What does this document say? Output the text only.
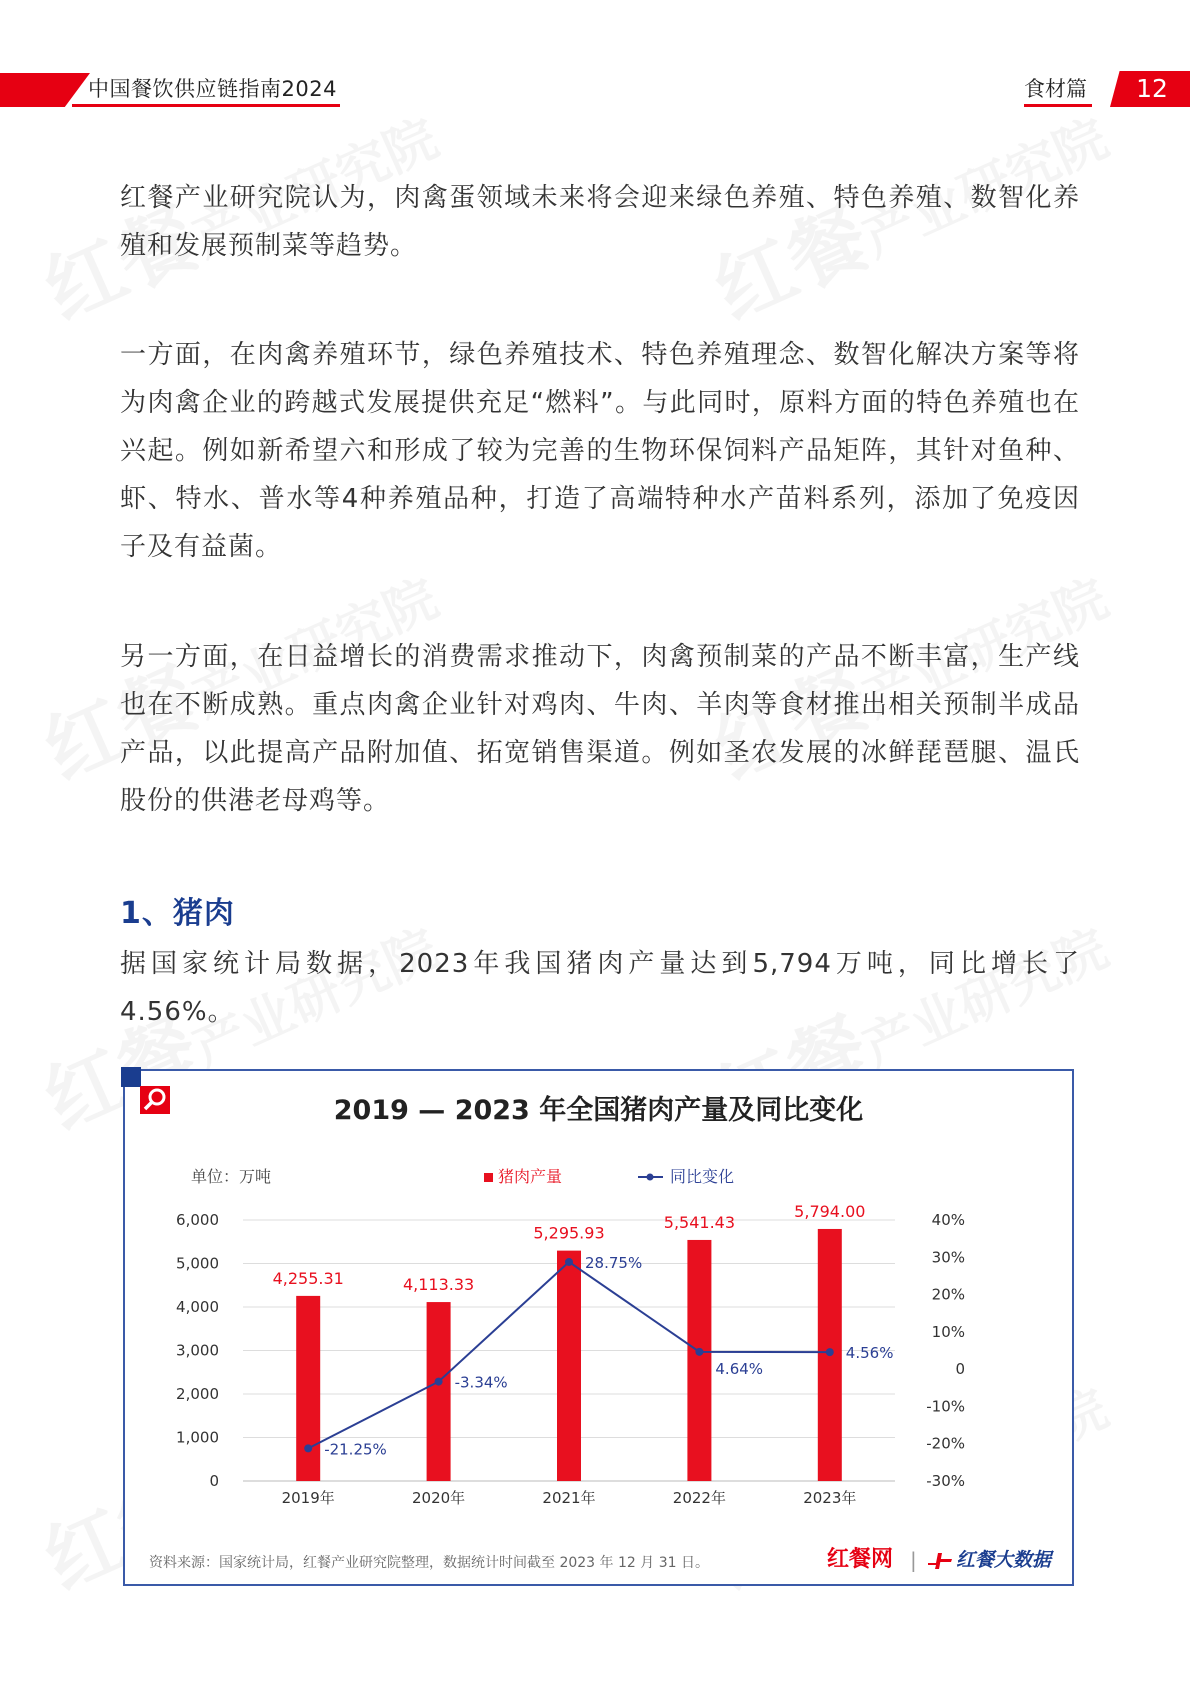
中国餐饮供应链指南2024	食材篇	12

红餐产业研究院认为，肉禽蛋领域未来将会迎来绿色养殖、特色养殖、数智化养殖和发展预制菜等趋势。

一方面，在肉禽养殖环节，绿色养殖技术、特色养殖理念、数智化解决方案等将为肉禽企业的跨越式发展提供充足“燃料”。与此同时，原料方面的特色养殖也在兴起。例如新希望六和形成了较为完善的生物环保饲料产品矩阵，其针对鱼种、虾、特水、普水等4种养殖品种，打造了高端特种水产苗料系列，添加了免疫因子及有益菌。

另一方面，在日益增长的消费需求推动下，肉禽预制菜的产品不断丰富，生产线也在不断成熟。重点肉禽企业针对鸡肉、牛肉、羊肉等食材推出相关预制半成品产品，以此提高产品附加值、拓宽销售渠道。例如圣农发展的冰鲜琵琶腿、温氏股份的供港老母鸡等。

1、猪肉

据国家统计局数据，2023年我国猪肉产量达到5,794万吨，同比增长了4.56%。

2019 — 2023 年全国猪肉产量及同比变化
0
1,000
2,000
3,000
4,000
5,000
6,000
-30%
-20%
-10%
0
10%
20%
30%
40%
4,255.31	4,113.33
5,295.93
5,541.43
5,794.00
2019年	2020年	2021年	2022年	2023年
-21.25%
-3.34%
28.75%
4.64%
4.56%
单位：万吨	猪肉产量	同比变化
资料来源：国家统计局，红餐产业研究院整理，数据统计时间截至 2023 年 12 月 31 日。	红餐网 | 红餐大数据
